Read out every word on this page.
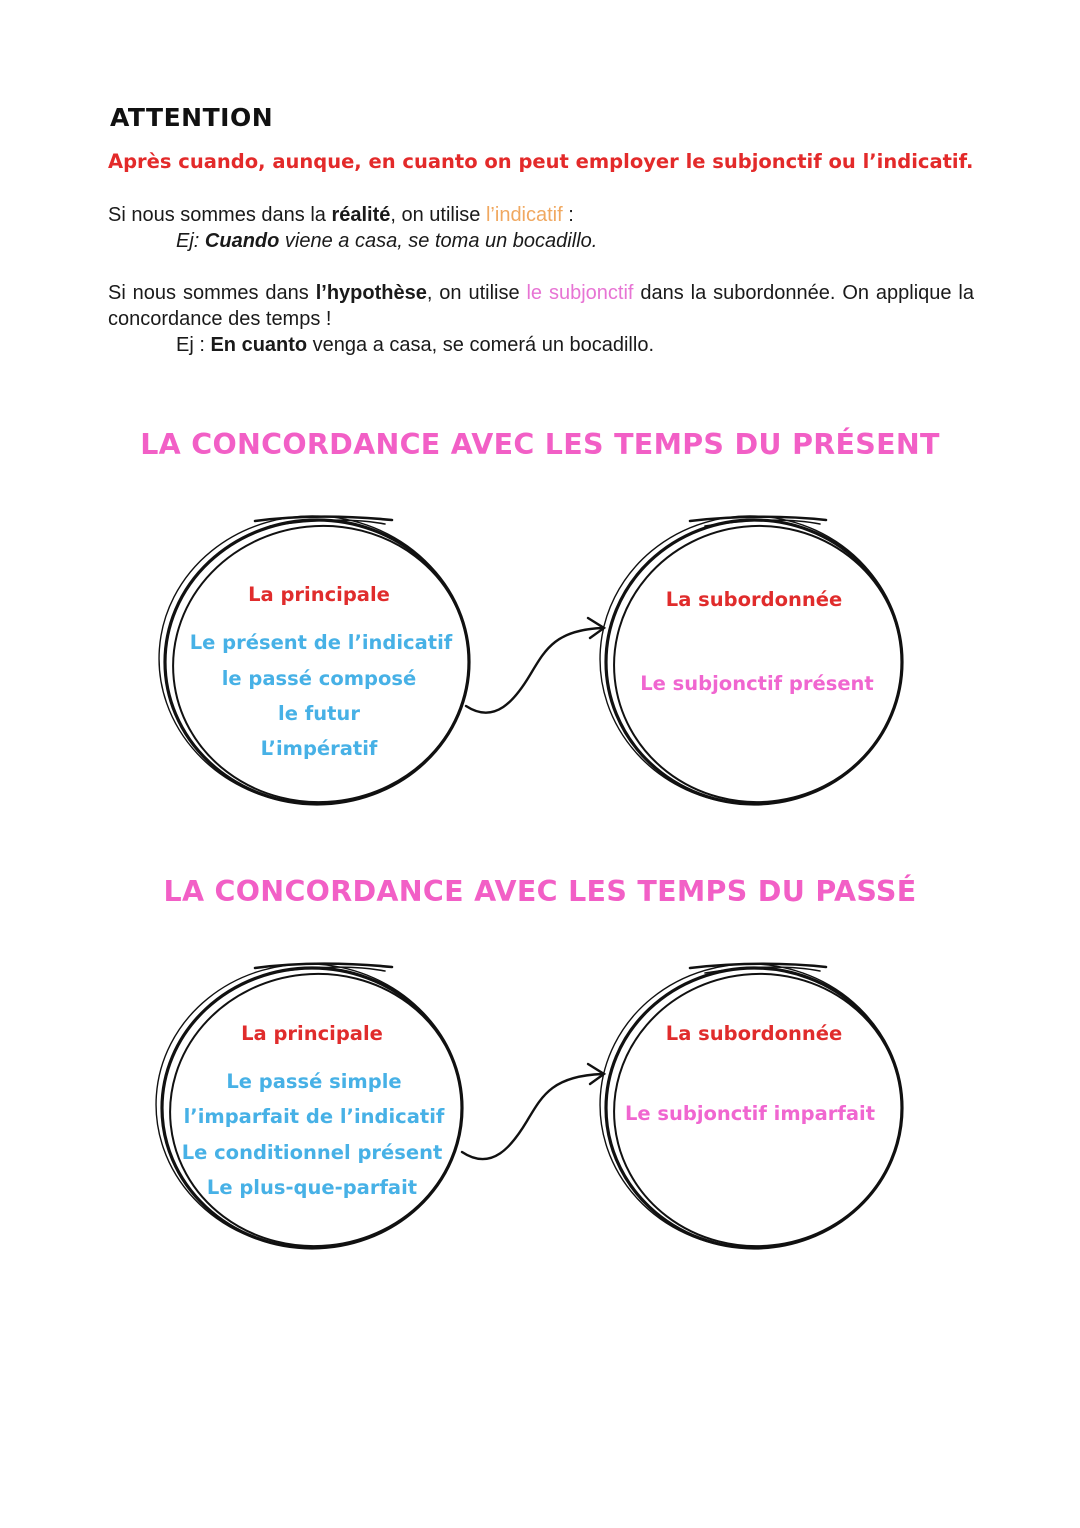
ATTENTION
Après cuando, aunque, en cuanto on peut employer le subjonctif ou l’indicatif.
Si nous sommes dans la réalité, on utilise l’indicatif :
Ej: Cuando viene a casa, se toma un bocadillo.
Si nous sommes dans l’hypothèse, on utilise le subjonctif dans la subordonnée. On applique la concordance des temps !
Ej : En cuanto venga a casa, se comerá un bocadillo.
LA CONCORDANCE AVEC LES TEMPS DU PRÉSENT
La principale
Le présent de l’indicatif
le passé composé
le futur
L’impératif
La subordonnée
Le subjonctif présent
LA CONCORDANCE AVEC LES TEMPS DU PASSÉ
La principale
Le passé simple
l’imparfait de l’indicatif
Le conditionnel présent
Le plus-que-parfait
La subordonnée
Le subjonctif imparfait
